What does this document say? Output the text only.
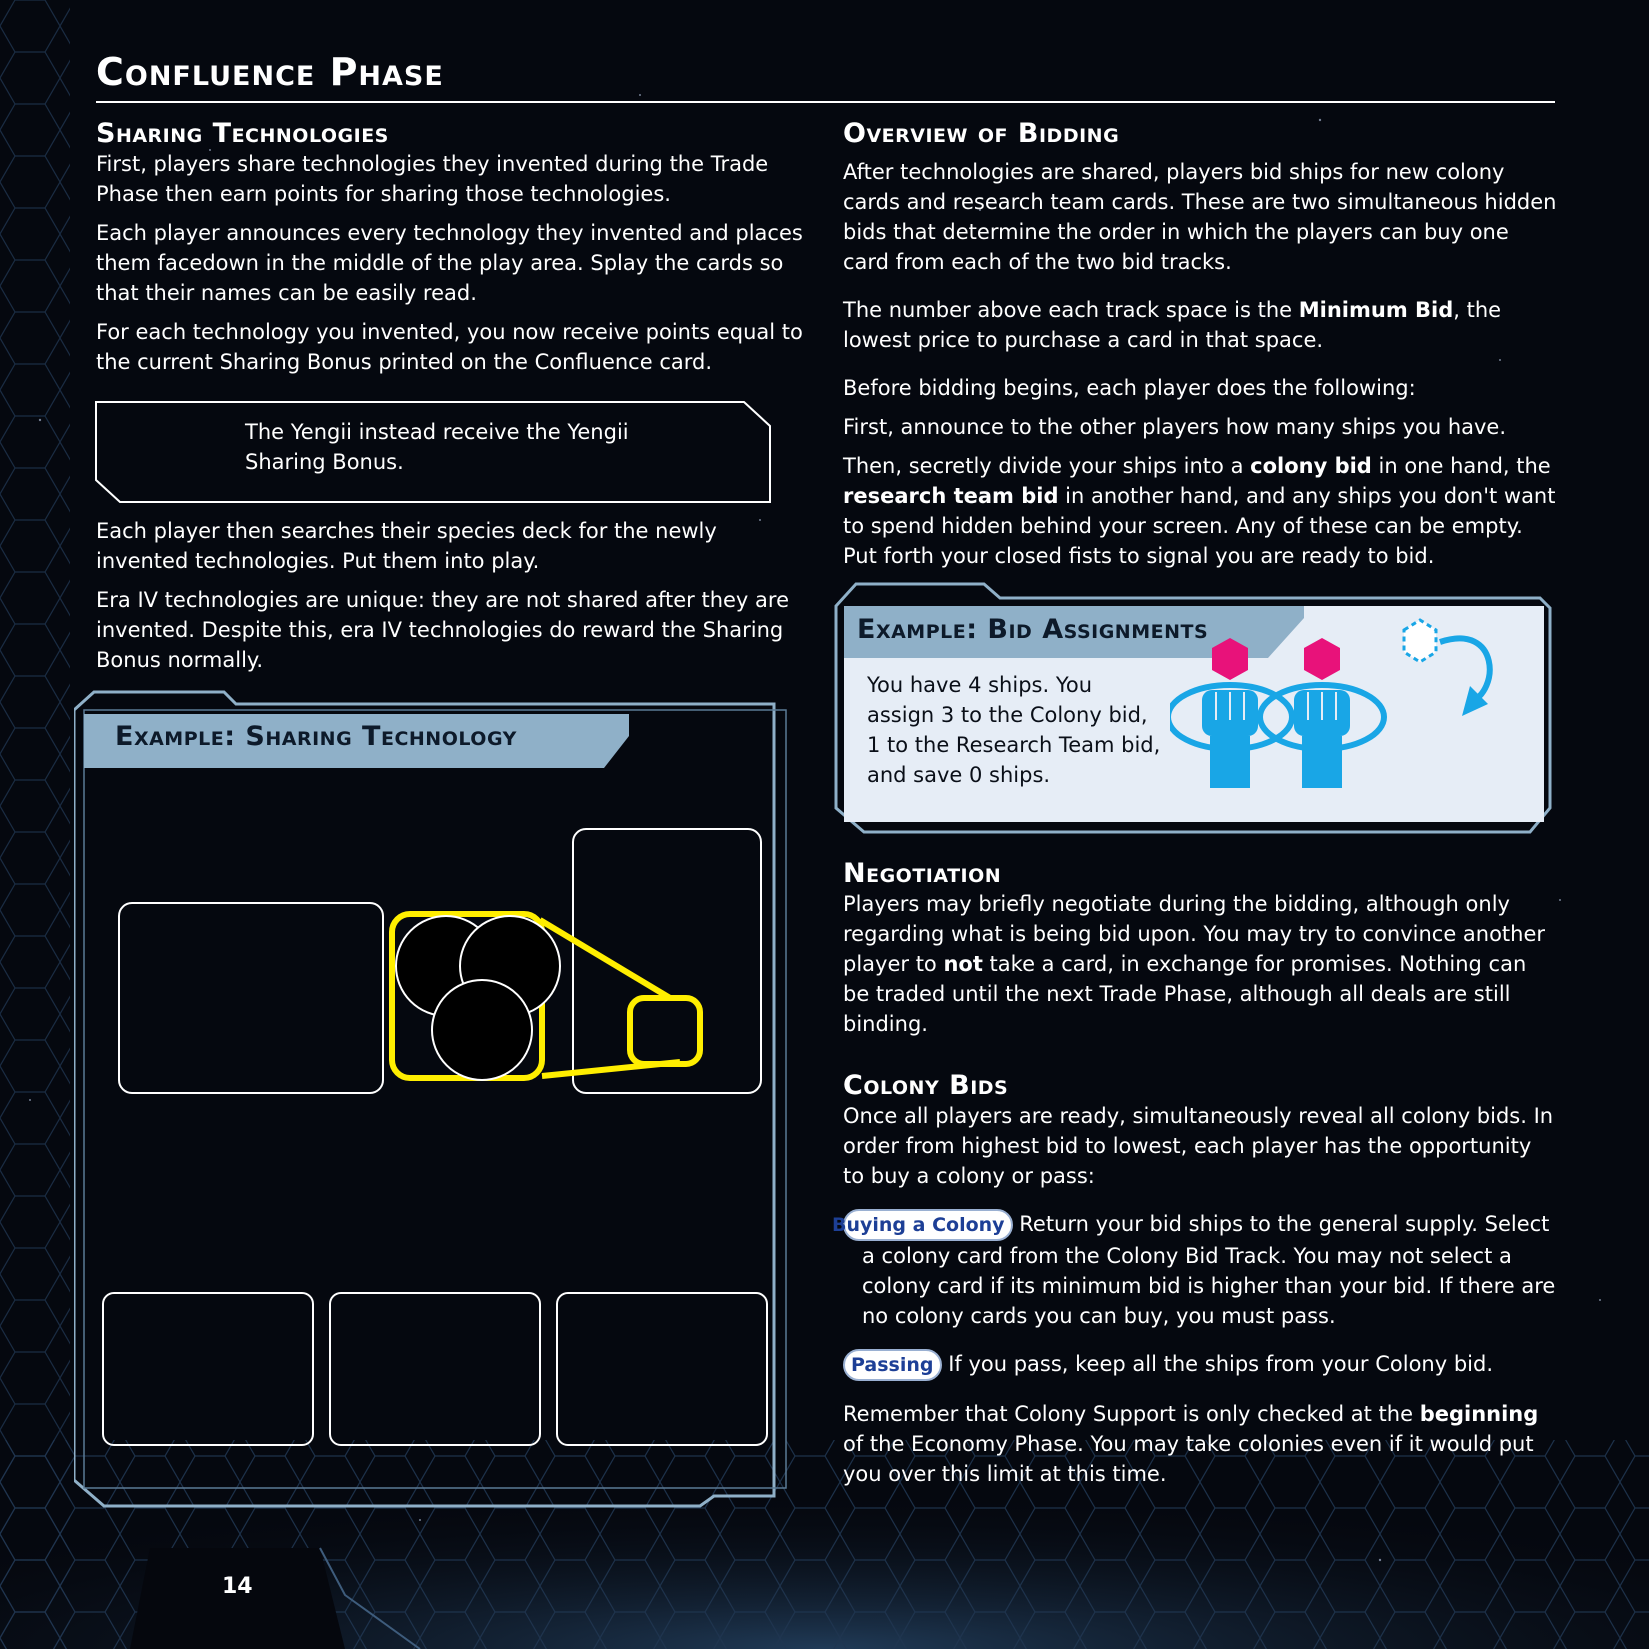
Confluence Phase
Sharing Technologies

First, players share technologies they invented during the Trade Phase then earn points for sharing those technologies.

Each player announces every technology they invented and places them facedown in the middle of the play area. Splay the cards so that their names can be easily read.

For each technology you invented, you now receive points equal to the current Sharing Bonus printed on the Confluence card.

The Yengii instead receive the Yengii Sharing Bonus.

Each player then searches their species deck for the newly invented technologies. Put them into play.

Era IV technologies are unique: they are not shared after they are invented. Despite this, era IV technologies do reward the Sharing Bonus normally.

Example: Sharing Technology
Overview of Bidding

After technologies are shared, players bid ships for new colony cards and research team cards. These are two simultaneous hidden bids that determine the order in which the players can buy one card from each of the two bid tracks.

The number above each track space is the Minimum Bid, the lowest price to purchase a card in that space.

Before bidding begins, each player does the following:

First, announce to the other players how many ships you have.

Then, secretly divide your ships into a colony bid in one hand, the research team bid in another hand, and any ships you don't want to spend hidden behind your screen. Any of these can be empty. Put forth your closed fists to signal you are ready to bid.

Example: Bid Assignments
You have 4 ships. You assign 3 to the Colony bid, 1 to the Research Team bid, and save 0 ships.
Negotiation

Players may briefly negotiate during the bidding, although only regarding what is being bid upon. You may try to convince another player to not take a card, in exchange for promises. Nothing can be traded until the next Trade Phase, although all deals are still binding.

Colony Bids

Once all players are ready, simultaneously reveal all colony bids. In order from highest bid to lowest, each player has the opportunity to buy a colony or pass:

Buying a Colony Return your bid ships to the general supply. Select a colony card from the Colony Bid Track. You may not select a colony card if its minimum bid is higher than your bid. If there are no colony cards you can buy, you must pass.

Passing If you pass, keep all the ships from your Colony bid.

Remember that Colony Support is only checked at the beginning of the Economy Phase. You may take colonies even if it would put you over this limit at this time.

14
